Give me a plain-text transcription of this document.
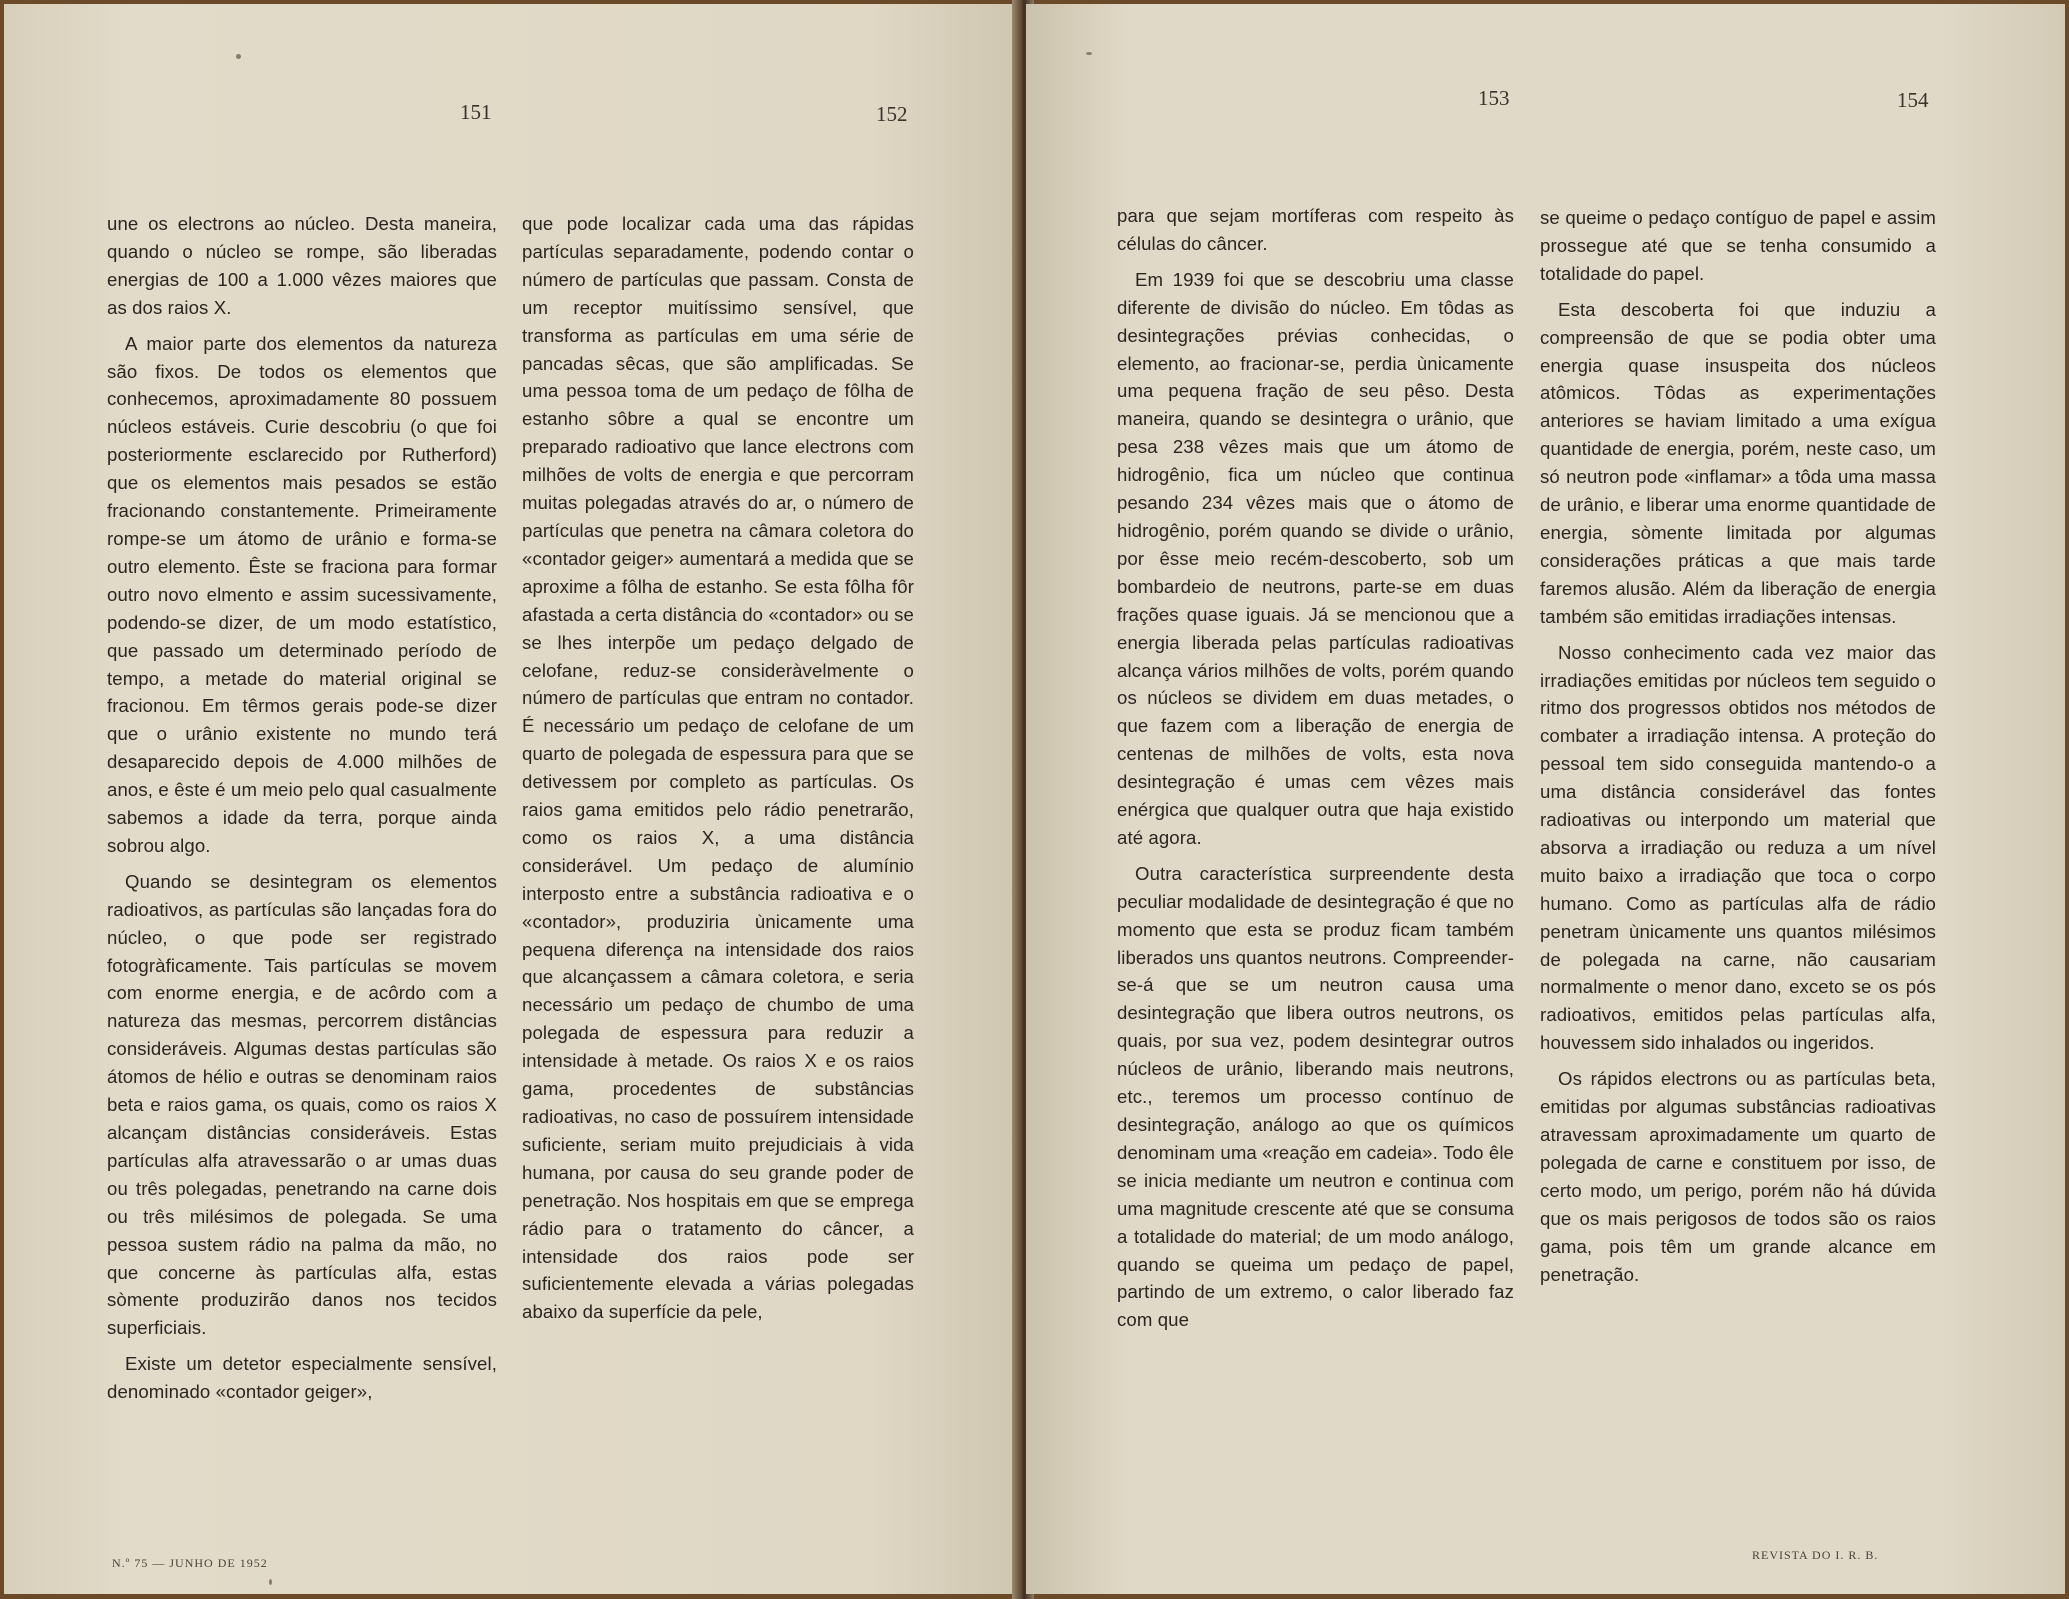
151	152

une os electrons ao núcleo. Desta maneira, quando o núcleo se rompe, são liberadas energias de 100 a 1.000 vêzes maiores que as dos raios X.

A maior parte dos elementos da natureza são fixos. De todos os elementos que conhecemos, aproximadamente 80 possuem núcleos estáveis. Curie descobriu (o que foi posteriormente esclarecido por Rutherford) que os elementos mais pesados se estão fracionando constantemente. Primeiramente rompe-se um átomo de urânio e forma-se outro elemento. Êste se fraciona para formar outro novo elmento e assim sucessivamente, podendo-se dizer, de um modo estatístico, que passado um determinado período de tempo, a metade do material original se fracionou. Em têrmos gerais pode-se dizer que o urânio existente no mundo terá desaparecido depois de 4.000 milhões de anos, e êste é um meio pelo qual casualmente sabemos a idade da terra, porque ainda sobrou algo.

Quando se desintegram os elementos radioativos, as partículas são lançadas fora do núcleo, o que pode ser registrado fotogràficamente. Tais partículas se movem com enorme energia, e de acôrdo com a natureza das mesmas, percorrem distâncias consideráveis. Algumas destas partículas são átomos de hélio e outras se denominam raios beta e raios gama, os quais, como os raios X alcançam distâncias consideráveis. Estas partículas alfa atravessarão o ar umas duas ou três polegadas, penetrando na carne dois ou três milésimos de polegada. Se uma pessoa sustem rádio na palma da mão, no que concerne às partículas alfa, estas sòmente produzirão danos nos tecidos superficiais.

Existe um detetor especialmente sensível, denominado «contador geiger»,

que pode localizar cada uma das rápidas partículas separadamente, podendo contar o número de partículas que passam. Consta de um receptor muitíssimo sensível, que transforma as partículas em uma série de pancadas sêcas, que são amplificadas. Se uma pessoa toma de um pedaço de fôlha de estanho sôbre a qual se encontre um preparado radioativo que lance electrons com milhões de volts de energia e que percorram muitas polegadas através do ar, o número de partículas que penetra na câmara coletora do «contador geiger» aumentará a medida que se aproxime a fôlha de estanho. Se esta fôlha fôr afastada a certa distância do «contador» ou se se lhes interpõe um pedaço delgado de celofane, reduz-se consideràvelmente o número de partículas que entram no contador. É necessário um pedaço de celofane de um quarto de polegada de espessura para que se detivessem por completo as partículas. Os raios gama emitidos pelo rádio penetrarão, como os raios X, a uma distância considerável. Um pedaço de alumínio interposto entre a substância radioativa e o «contador», produziria ùnicamente uma pequena diferença na intensidade dos raios que alcançassem a câmara coletora, e seria necessário um pedaço de chumbo de uma polegada de espessura para reduzir a intensidade à metade. Os raios X e os raios gama, procedentes de substâncias radioativas, no caso de possuírem intensidade suficiente, seriam muito prejudiciais à vida humana, por causa do seu grande poder de penetração. Nos hospitais em que se emprega rádio para o tratamento do câncer, a intensidade dos raios pode ser suficientemente elevada a várias polegadas abaixo da superfície da pele,

N.º 75 — JUNHO DE 1952
153	154

para que sejam mortíferas com respeito às células do câncer.

Em 1939 foi que se descobriu uma classe diferente de divisão do núcleo. Em tôdas as desintegrações prévias conhecidas, o elemento, ao fracionar-se, perdia ùnicamente uma pequena fração de seu pêso. Desta maneira, quando se desintegra o urânio, que pesa 238 vêzes mais que um átomo de hidrogênio, fica um núcleo que continua pesando 234 vêzes mais que o átomo de hidrogênio, porém quando se divide o urânio, por êsse meio recém-descoberto, sob um bombardeio de neutrons, parte-se em duas frações quase iguais. Já se mencionou que a energia liberada pelas partículas radioativas alcança vários milhões de volts, porém quando os núcleos se dividem em duas metades, o que fazem com a liberação de energia de centenas de milhões de volts, esta nova desintegração é umas cem vêzes mais enérgica que qualquer outra que haja existido até agora.

Outra característica surpreendente desta peculiar modalidade de desintegração é que no momento que esta se produz ficam também liberados uns quantos neutrons. Compreender-se-á que se um neutron causa uma desintegração que libera outros neutrons, os quais, por sua vez, podem desintegrar outros núcleos de urânio, liberando mais neutrons, etc., teremos um processo contínuo de desintegração, análogo ao que os químicos denominam uma «reação em cadeia». Todo êle se inicia mediante um neutron e continua com uma magnitude crescente até que se consuma a totalidade do material; de um modo análogo, quando se queima um pedaço de papel, partindo de um extremo, o calor liberado faz com que

se queime o pedaço contíguo de papel e assim prossegue até que se tenha consumido a totalidade do papel.

Esta descoberta foi que induziu a compreensão de que se podia obter uma energia quase insuspeita dos núcleos atômicos. Tôdas as experimentações anteriores se haviam limitado a uma exígua quantidade de energia, porém, neste caso, um só neutron pode «inflamar» a tôda uma massa de urânio, e liberar uma enorme quantidade de energia, sòmente limitada por algumas considerações práticas a que mais tarde faremos alusão. Além da liberação de energia também são emitidas irradiações intensas.

Nosso conhecimento cada vez maior das irradiações emitidas por núcleos tem seguido o ritmo dos progressos obtidos nos métodos de combater a irradiação intensa. A proteção do pessoal tem sido conseguida mantendo-o a uma distância considerável das fontes radioativas ou interpondo um material que absorva a irradiação ou reduza a um nível muito baixo a irradiação que toca o corpo humano. Como as partículas alfa de rádio penetram ùnicamente uns quantos milésimos de polegada na carne, não causariam normalmente o menor dano, exceto se os pós radioativos, emitidos pelas partículas alfa, houvessem sido inhalados ou ingeridos.

Os rápidos electrons ou as partículas beta, emitidas por algumas substâncias radioativas atravessam aproximadamente um quarto de polegada de carne e constituem por isso, de certo modo, um perigo, porém não há dúvida que os mais perigosos de todos são os raios gama, pois têm um grande alcance em penetração.

REVISTA DO I. R. B.
